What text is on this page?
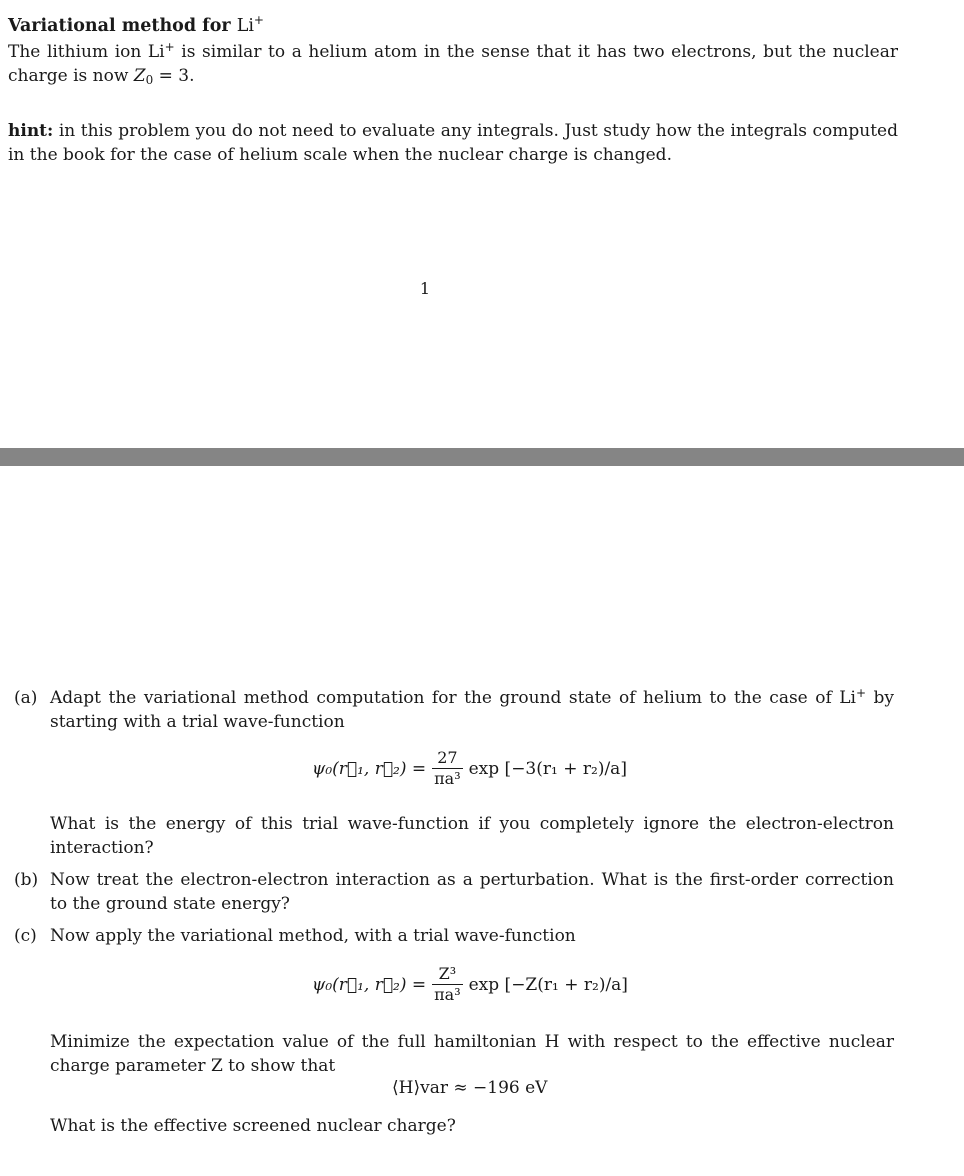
Variational method for Li+
The lithium ion Li+ is similar to a helium atom in the sense that it has two electrons, but the nuclear charge is now $Z_0 = 3$.
hint: in this problem you do not need to evaluate any integrals. Just study how the integrals computed in the book for the case of helium scale when the nuclear charge is changed.
1
(a) Adapt the variational method computation for the ground state of helium to the case of Li+ by starting with a trial wave-function
ψ₀(r⃗₁, r⃗₂) = $\frac{27}{\text{πa³}}$ exp [−3(r₁ + r₂)/a]
What is the energy of this trial wave-function if you completely ignore the electron-electron interaction?
(b) Now treat the electron-electron interaction as a perturbation. What is the first-order correction to the ground state energy?
(c) Now apply the variational method, with a trial wave-function
ψ₀(r⃗₁, r⃗₂) = $\frac{\text{Z³}}{\text{πa³}}$ exp [−Z(r₁ + r₂)/a]
Minimize the expectation value of the full hamiltonian H with respect to the effective nuclear charge parameter Z to show that
⟨H⟩var ≈ −196 eV
What is the effective screened nuclear charge?
